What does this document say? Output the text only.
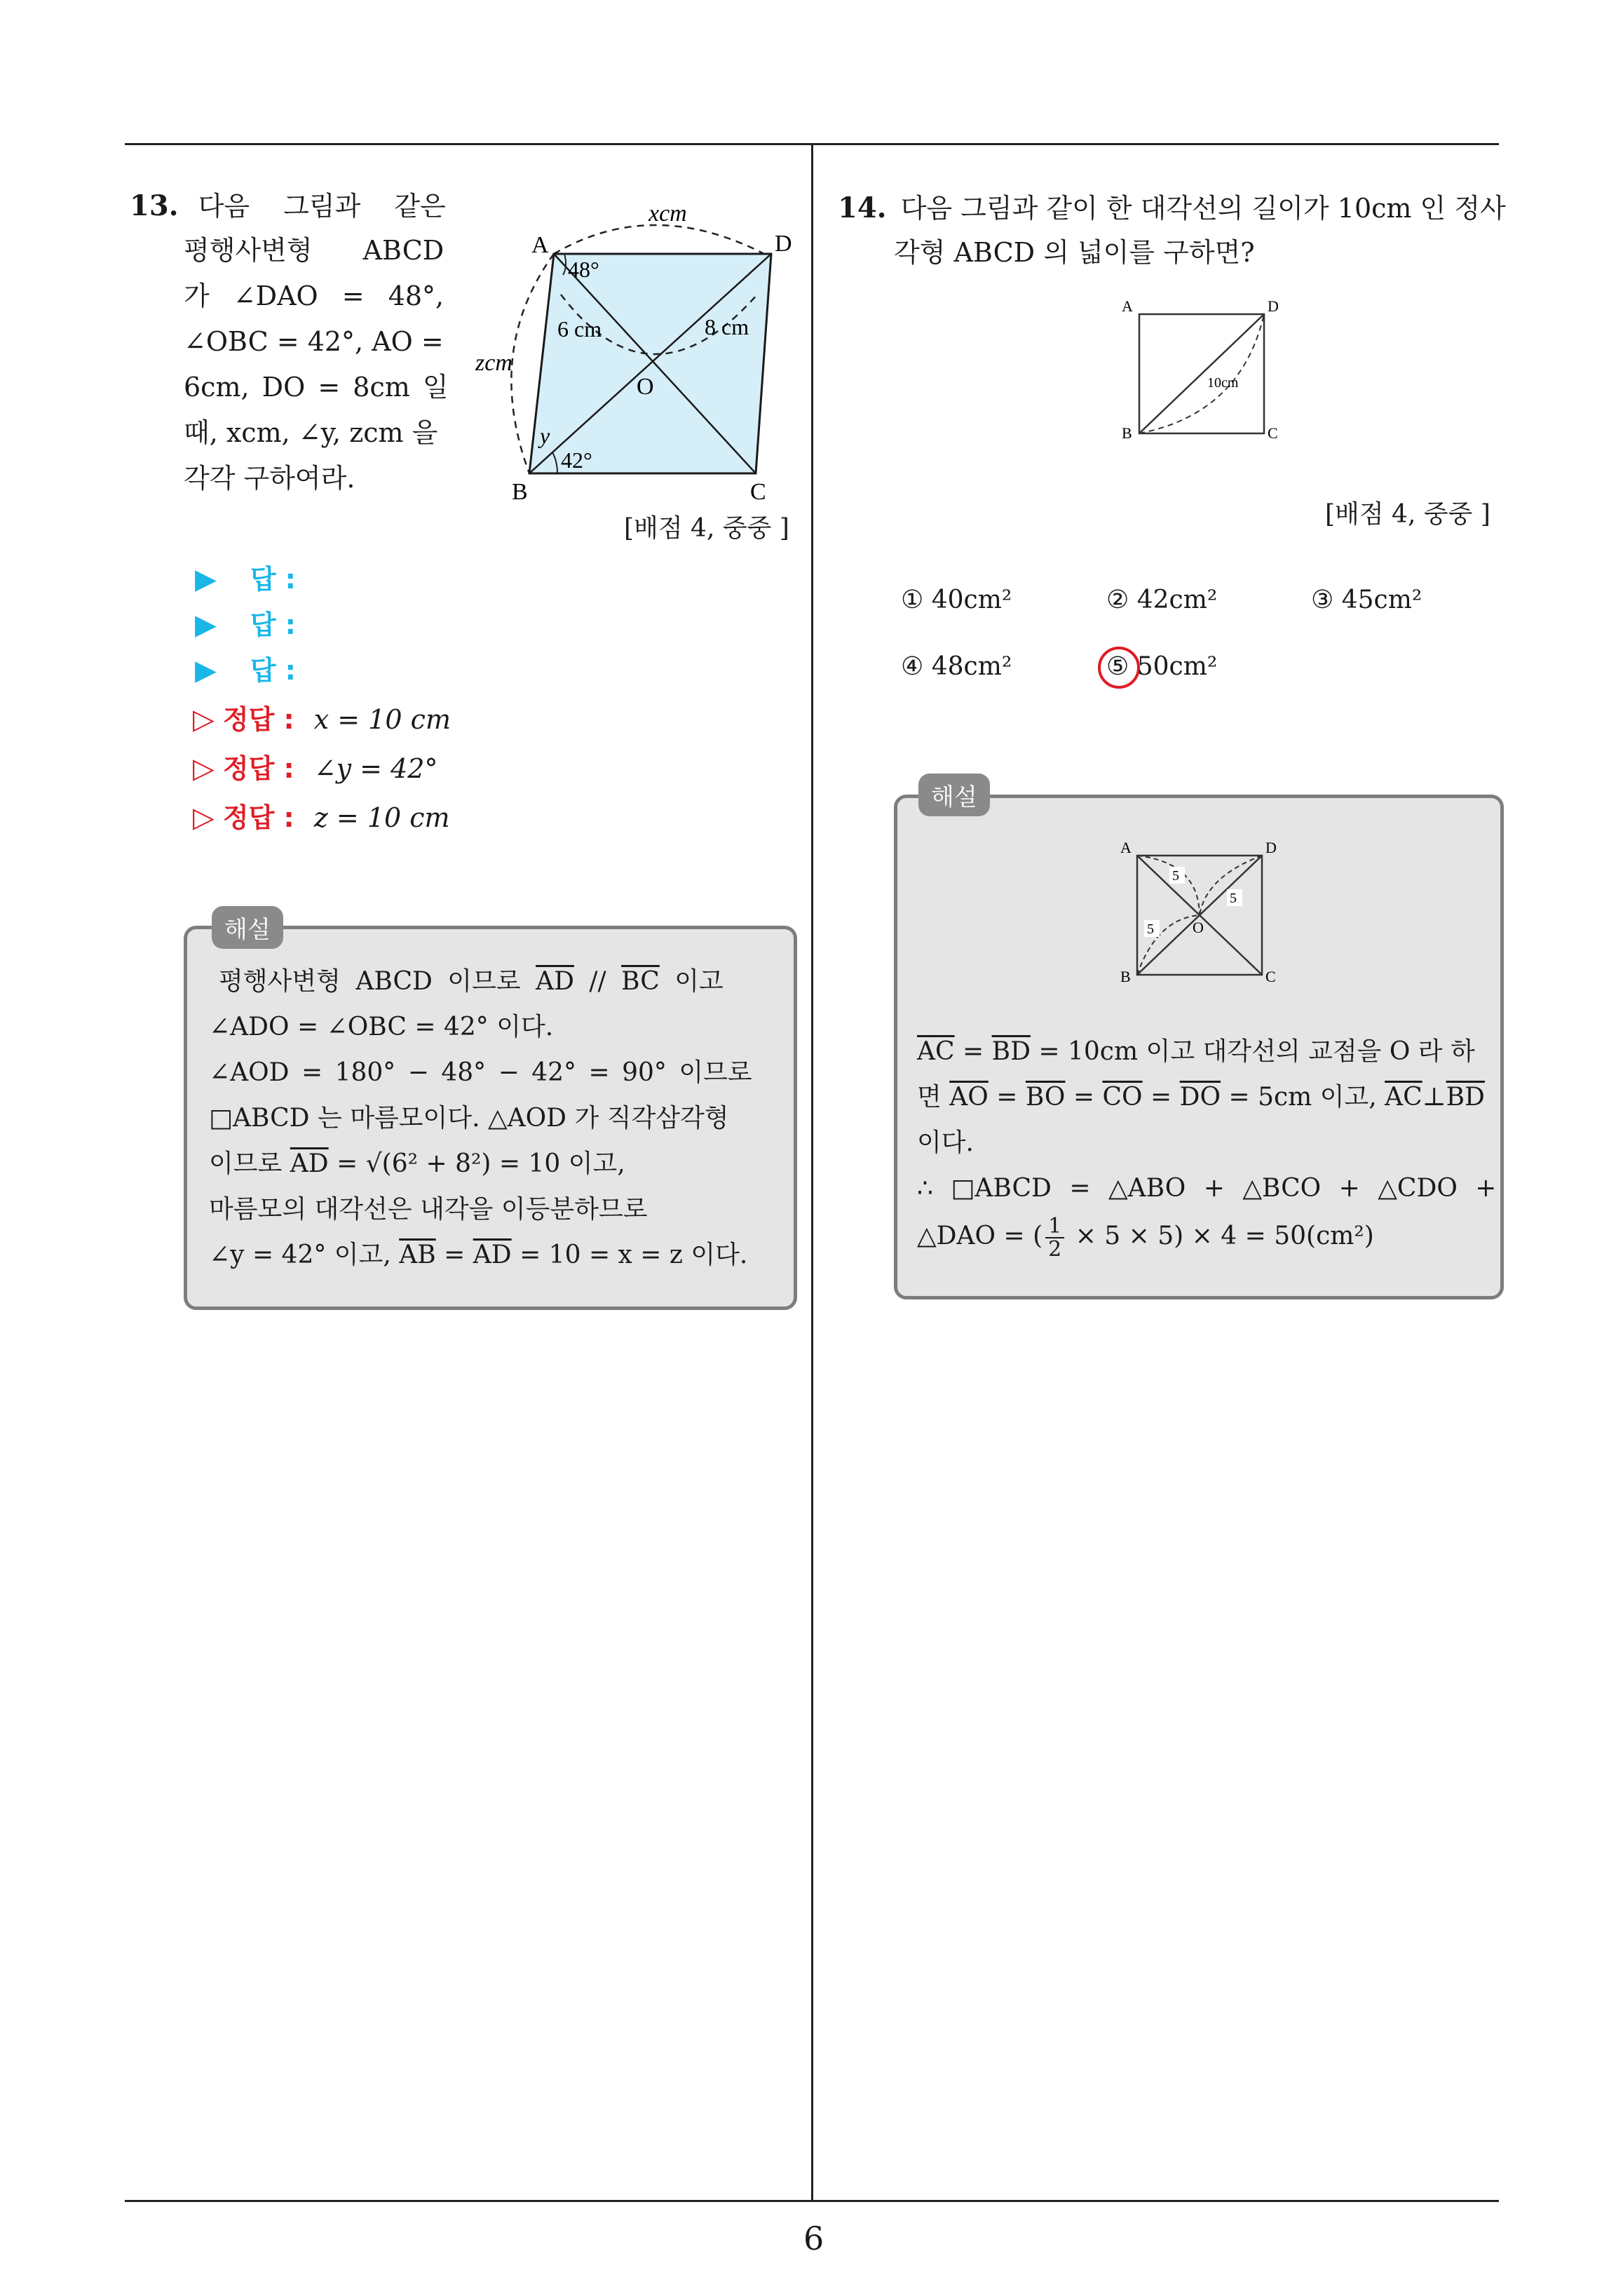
13. 다음 그림과 같은
평행사변형 ABCD
가 ∠DAO = 48°,
∠OBC = 42°, AO =
6cm, DO = 8cm 일
때, xcm, ∠y, zcm 을
각각 구하여라.
xcm
A	D
48°
6 cm	8 cm
zcm
O
y
42°
B	C
[배점 4, 중중 ]
▶ 답 :
▶ 답 :
▶ 답 :
▷ 정답 : x = 10 cm
▷ 정답 : ∠y = 42°
▷ 정답 : z = 10 cm
해설
평행사변형 ABCD 이므로 $\overline{AD} // \overline{BC}$ 이고
∠ADO = ∠OBC = 42° 이다.
∠AOD = 180° − 48° − 42° = 90° 이므로
□ABCD 는 마름모이다. △AOD 가 직각삼각형
이므로 $\overline{AD} = √(6^2 + 8^2) = 10$ 이고,
마름모의 대각선은 내각을 이등분하므로
∠y = 42° 이고, $\overline{AB} = \overline{AD} = 10 = x = z$ 이다.
14. 다음 그림과 같이 한 대각선의 길이가 10cm 인 정사
각형 ABCD 의 넓이를 구하면?
A	D
B	C
10cm
[배점 4, 중중 ]
① 40cm²	② 42cm²	③ 45cm²
④ 48cm²	⑤ 50cm²
해설
5
5
5
A	D
O
B	C
$\overline{AC} = \overline{BD} = 10cm$ 이고 대각선의 교점을 O 라 하
면 $\overline{AO} = \overline{BO} = \overline{CO} = \overline{DO} = 5cm$ 이고, $\overline{AC}\perp\overline{BD}$
이다.
∴ □ABCD = △ABO + △BCO + △CDO +
△DAO = ( $\frac{1}{2} \times 5 \times 5) \times 4 = 50(cm^2)$
6
